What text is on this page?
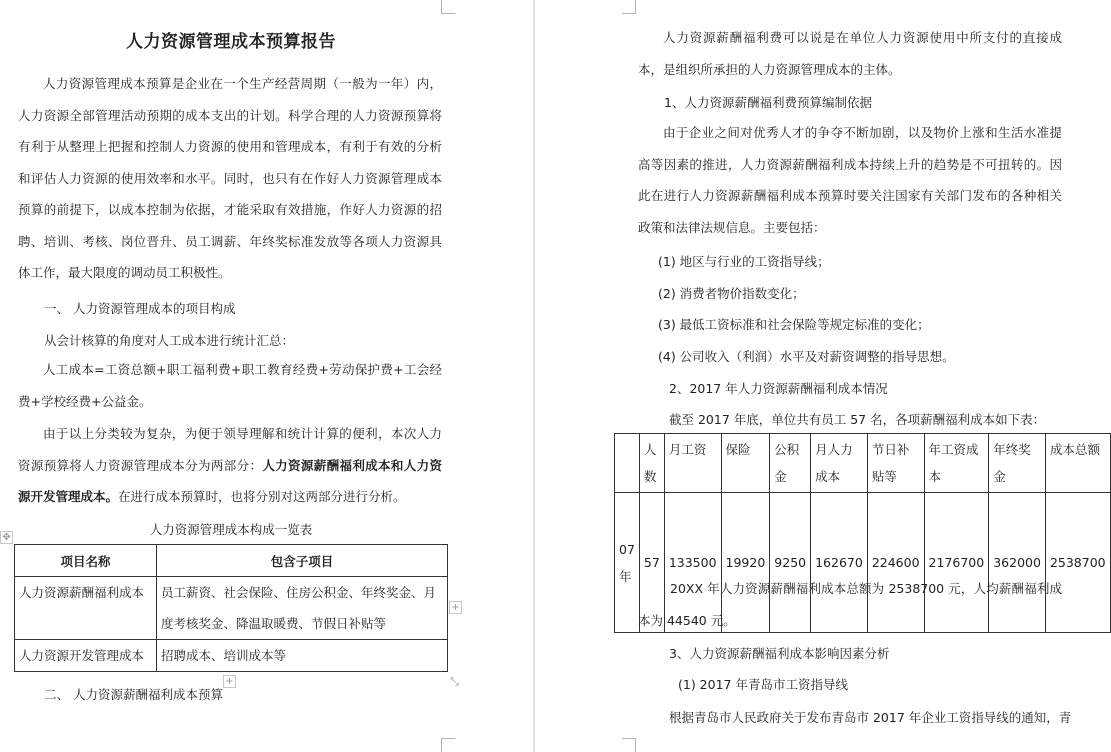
人力资源管理成本预算报告
人力资源管理成本预算是企业在一个生产经营周期（一般为一年）内，人力资源全部管理活动预期的成本支出的计划。科学合理的人力资源预算将有利于从整理上把握和控制人力资源的使用和管理成本，有利于有效的分析和评估人力资源的使用效率和水平。同时，也只有在作好人力资源管理成本预算的前提下，以成本控制为依据，才能采取有效措施，作好人力资源的招聘、培训、考核、岗位晋升、员工调薪、年终奖标准发放等各项人力资源具体工作，最大限度的调动员工积极性。
一、 人力资源管理成本的项目构成
从会计核算的角度对人工成本进行统计汇总：
人工成本=工资总额+职工福利费+职工教育经费+劳动保护费+工会经费+学校经费+公益金。
由于以上分类较为复杂，为便于领导理解和统计计算的便利，本次人力资源预算将人力资源管理成本分为两部分：人力资源薪酬福利成本和人力资源开发管理成本。在进行成本预算时，也将分别对这两部分进行分析。
人力资源管理成本构成一览表
✥
项目名称	包含子项目
人力资源薪酬福利成本	员工薪资、社会保险、住房公积金、年终奖金、月度考核奖金、降温取暖费、节假日补贴等
人力资源开发管理成本	招聘成本、培训成本等
+
+	⤡
二、 人力资源薪酬福利成本预算
人力资源薪酬福利费可以说是在单位人力资源使用中所支付的直接成本，是组织所承担的人力资源管理成本的主体。
1、人力资源薪酬福利费预算编制依据
由于企业之间对优秀人才的争夺不断加剧，以及物价上涨和生活水准提高等因素的推进，人力资源薪酬福利成本持续上升的趋势是不可扭转的。因此在进行人力资源薪酬福利成本预算时要关注国家有关部门发布的各种相关政策和法律法规信息。主要包括：
(1) 地区与行业的工资指导线；
(2) 消费者物价指数变化；
(3) 最低工资标准和社会保险等规定标准的变化；
(4) 公司收入（利润）水平及对薪资调整的指导思想。
2、2017 年人力资源薪酬福利成本情况
截至 2017 年底，单位共有员工 57 名，各项薪酬福利成本如下表：
	人数	月工资	保险	公积金	月人力成本	节日补贴等	年工资成本	年终奖金	成本总额
07年	57	133500	19920	9250	162670	224600	2176700	362000	2538700
20XX 年人力资源薪酬福利成本总额为 2538700 元，人均薪酬福利成本为 44540 元。
3、人力资源薪酬福利成本影响因素分析
(1) 2017 年青岛市工资指导线
根据青岛市人民政府关于发布青岛市 2017 年企业工资指导线的通知，青
